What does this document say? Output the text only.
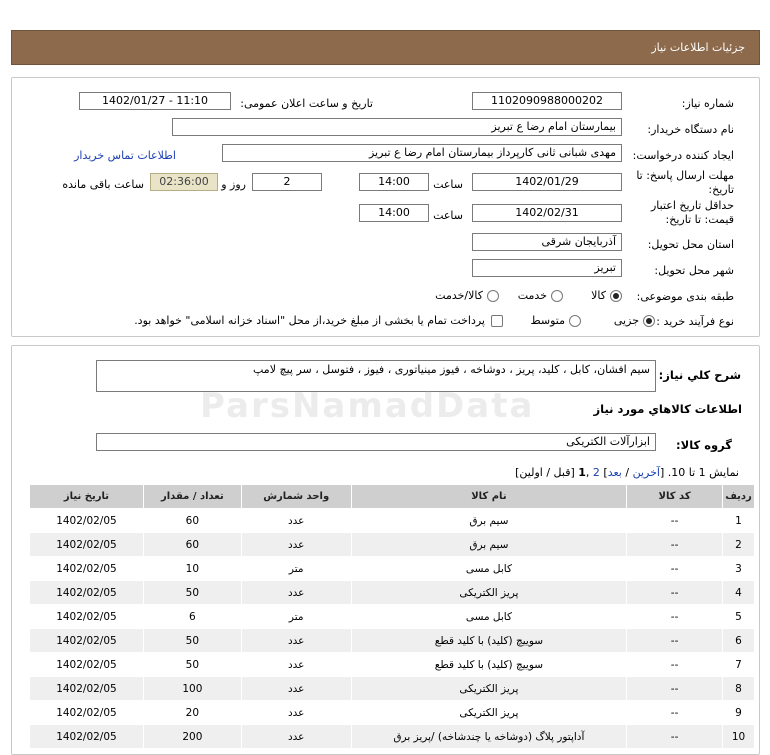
جزئیات اطلاعات نیاز
شماره نیاز:
1102090988000202
تاریخ و ساعت اعلان عمومی:
1402/01/27 - 11:10
نام دستگاه خریدار:
بیمارستان امام رضا ع تبریز
ایجاد کننده درخواست:
مهدی شبانی ثانی کارپرداز بیمارستان امام رضا ع تبریز
اطلاعات تماس خریدار
مهلت ارسال پاسخ: تا
تاریخ:
1402/01/29
ساعت
14:00
2
روز و
02:36:00
ساعت باقی مانده
حداقل تاریخ اعتبار
قیمت: تا تاریخ:
1402/02/31
ساعت
14:00
استان محل تحویل:
آذربایجان شرقی
شهر محل تحویل:
تبریز
طبقه بندی موضوعی:
کالا
خدمت
کالا/خدمت
نوع فرآیند خرید :
جزیی
متوسط
پرداخت تمام یا بخشی از مبلغ خرید،از محل "اسناد خزانه اسلامی" خواهد بود.
شرح کلي نياز:
سیم افشان، کابل ، کلید، پریز ، دوشاخه ، فیوز مینیاتوری ، فیوز ، فتوسل ، سر پیچ لامپ
اطلاعات کالاهاي مورد نياز
گروه کالا:
ابزارآلات الکتریکی
نمایش 1 تا 10. [آخرین / بعد] 2 ,1 [قبل / اولین]
ردیف	کد کالا	نام کالا	واحد شمارش	تعداد / مقدار	تاریخ نیاز
1	--	سیم برق	عدد	60	1402/02/05
2	--	سیم برق	عدد	60	1402/02/05
3	--	کابل مسی	متر	10	1402/02/05
4	--	پریز الکتریکی	عدد	50	1402/02/05
5	--	کابل مسی	متر	6	1402/02/05
6	--	سوییچ (کلید) با کلید قطع	عدد	50	1402/02/05
7	--	سوییچ (کلید) با کلید قطع	عدد	50	1402/02/05
8	--	پریز الکتریکی	عدد	100	1402/02/05
9	--	پریز الکتریکی	عدد	20	1402/02/05
10	--	آداپتور پلاگ (دوشاخه یا چندشاخه) /پریز برق	عدد	200	1402/02/05
ParsNamadData
